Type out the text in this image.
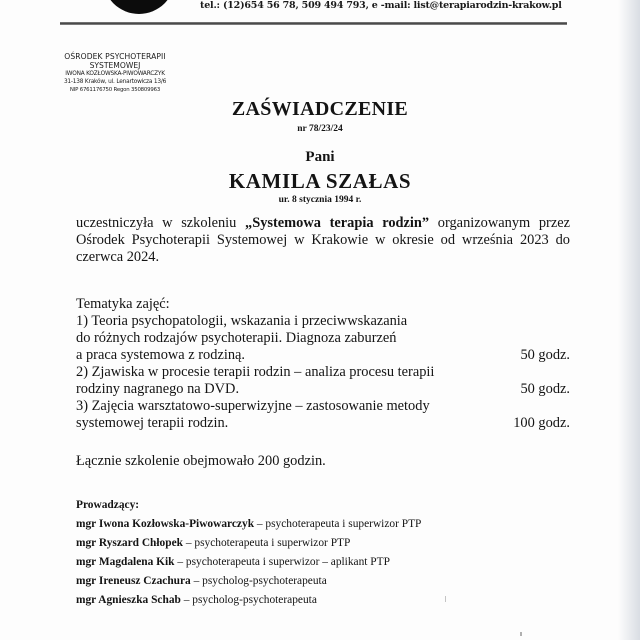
tel.: (12)654 56 78, 509 494 793, e -mail: list@terapiarodzin-krakow.pl
OŚRODEK PSYCHOTERAPII
SYSTEMOWEJ
IWONA KOZŁOWSKA-PIWOWARCZYK
31-138 Kraków, ul. Lenartowicza 13/6
NIP 6761176750 Regon 350809963
ZAŚWIADCZENIE
nr 78/23/24
Pani
KAMILA SZAŁAS
ur. 8 stycznia 1994 r.
uczestniczyła w szkoleniu „Systemowa terapia rodzin” organizowanym przez Ośrodek Psychoterapii Systemowej w Krakowie w okresie od września 2023 do czerwca 2024.
Tematyka zajęć:
1) Teoria psychopatologii, wskazania i przeciwwskazania
do różnych rodzajów psychoterapii. Diagnoza zaburzeń
a praca systemowa z rodziną.	50 godz.
2) Zjawiska w procesie terapii rodzin – analiza procesu terapii
rodziny nagranego na DVD.	50 godz.
3) Zajęcia warsztatowo-superwizyjne – zastosowanie metody
systemowej terapii rodzin.	100 godz.
Łącznie szkolenie obejmowało 200 godzin.
Prowadzący:
mgr Iwona Kozłowska-Piwowarczyk – psychoterapeuta i superwizor PTP
mgr Ryszard Chłopek – psychoterapeuta i superwizor PTP
mgr Magdalena Kik – psychoterapeuta i superwizor – aplikant PTP
mgr Ireneusz Czachura – psycholog-psychoterapeuta
mgr Agnieszka Schab – psycholog-psychoterapeuta
